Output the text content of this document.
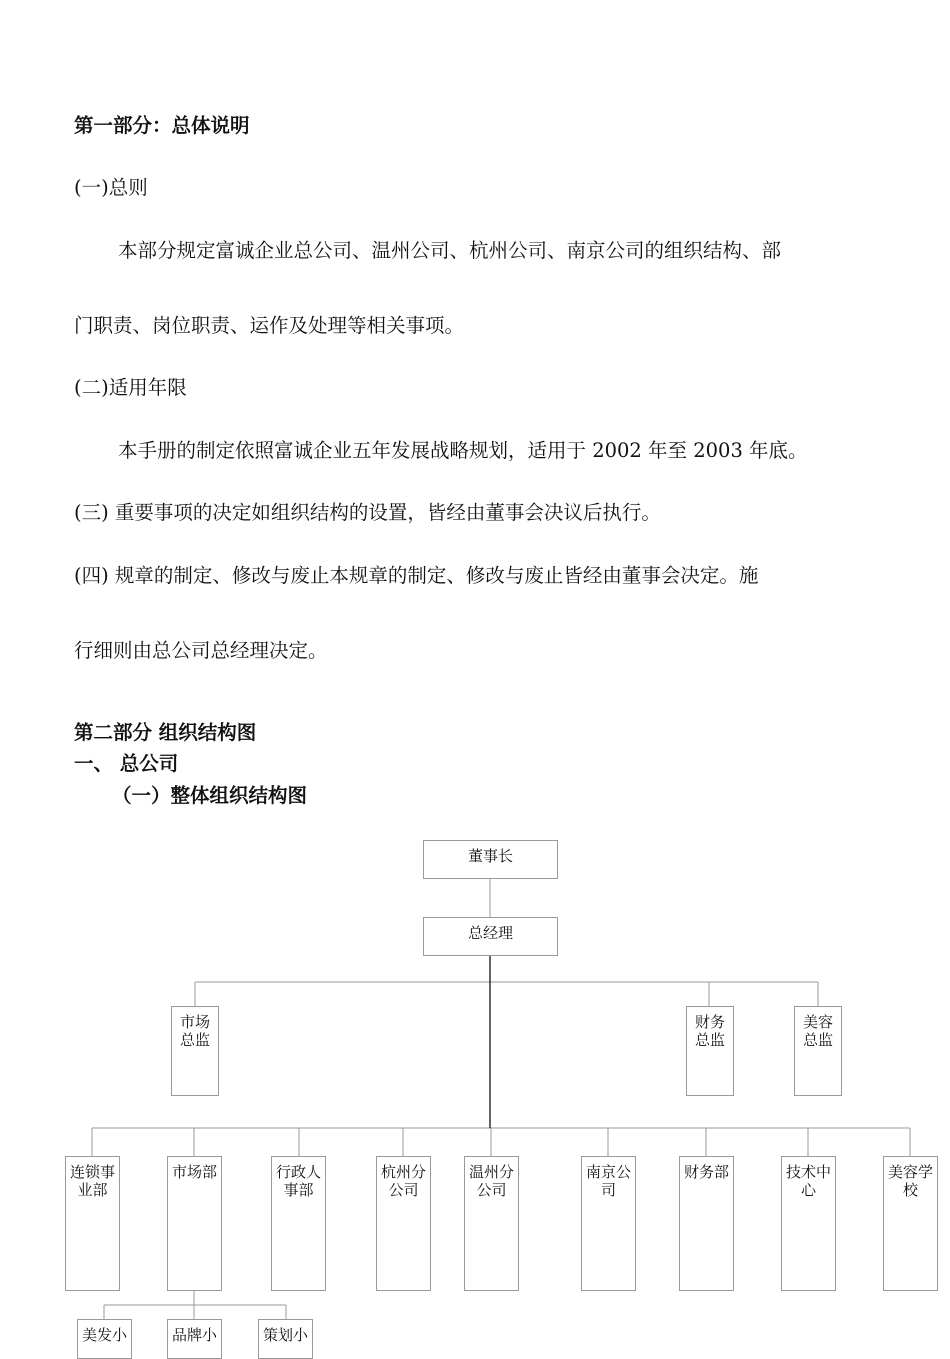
第一部分：总体说明
(一)总则
本部分规定富诚企业总公司、温州公司、杭州公司、南京公司的组织结构、部
门职责、岗位职责、运作及处理等相关事项。
(二)适用年限
本手册的制定依照富诚企业五年发展战略规划，适用于 2002 年至 2003 年底。
(三) 重要事项的决定如组织结构的设置，皆经由董事会决议后执行。
(四) 规章的制定、修改与废止本规章的制定、修改与废止皆经由董事会决定。施
行细则由总公司总经理决定。
第二部分 组织结构图
一、 总公司
（一）整体组织结构图
董事长
总经理
市场
总监
财务
总监
美容
总监
连锁事
业部
市场部	行政人
事部
杭州分
公司
温州分
公司
南京公
司
财务部	技术中
心
美容学
校
美发小	品牌小	策划小
